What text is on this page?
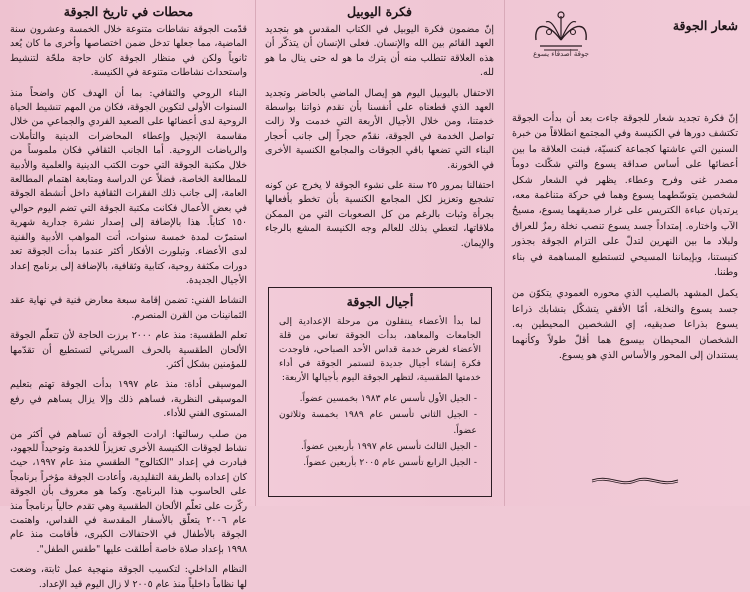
شعار الجوقة

إنّ فكرة تجديد شعار للجوقة جاءت بعد أن بدأت الجوقة تكتشف دورها في الكنيسة وفي المجتمع انطلاقاً من خبرة السنين التي عاشتها كجماعة كنسيّة، فبنت العلاقة ما بين أعضائها على أساس صداقة يسوع والتي شكّلت دوماً مصدر غنى وفرح وعطاء. يظهر في الشعار شكل لشخصين يتوسّطهما يسوع وهما في حركة متناغمة معه، يرتديان عباءة الكتريس على غرار صديقهما يسوع، مسيحُ الآب واختاره. إمتداداً جسد يسوع تنصب نخلة رمزٌ للعراق ولبلاد ما بين النهرين لتدلّ على التزام الجوقة بجذور كنيستنا، وبإيماننا المسيحي لتستطيع المساهمة في بناء وطننا.

يكمل المشهد بالصليب الذي محوره العمودي يتكوّن من جسد يسوع والنخلة، أمّا الأفقي يتشكّل بتشابك ذراعا يسوع بذراعا صديقيه، إي الشخصين المحيطين به. الشخصان المحيطان بيسوع هما أقلّ طولاً وكأنهما يستندان إلى المحور والأساس الذي هو يسوع.

جوقة أصدقاء يسوع
فكرة اليوبيل

إنّ مضمون فكرة اليوبيل في الكتاب المقدس هو بتجديد العهد القائم بين الله والإنسان. فعلى الإنسان أن يتذكّر أن هذه العلاقة تتطلب منه أن يترك ما هو له حتى ينال ما هو لله.

الاحتفال باليوبيل اليوم هو إيصال الماضي بالحاضر وتجديد العهد الذي قطعناه على أنفسنا بأن نقدم ذواتنا بواسطة خدمتنا، ومن خلال الأجيال الأربعة التي خدمت ولا زالت تواصل الخدمة في الجوقة، نقدّم حجراً إلى جانب أحجار البناء التي تضعها باقي الجوقات والمجامع الكنسية الأخرى في الخورنة.

احتفالنا بمرور ٢٥ سنة على نشوء الجوقة لا يخرج عن كونه تشجيع وتعزيز لكل المجامع الكنسية بأن تخطو بأفعالها بجرأة وثبات بالرغم من كل الصعوبات التي من الممكن ملاقاتها، لتعطي بذلك للعالم وجه الكنيسة المشع بالرجاء والإيمان.

أجيال الجوقة

لما بدأ الأعضاء ينتقلون من مرحلة الإعدادية إلى الجامعات والمعاهد، بدأت الجوقة تعاني من قلة الأعضاء لغرض خدمة قداس الأحد الصباحي، فاوجدت فكرة إنشاء أجيال جديدة لتستمر الجوقة في أداء خدمتها الطقسية، لتظهر الجوقة اليوم بأجيالها الأربعة:

- الجيل الأول تأسس عام ١٩٨٣ بخمسين عضواً.
- الجيل الثاني تأسس عام ١٩٨٩ بخمسة وثلاثون عضواً.
- الجيل الثالث تأسس عام ١٩٩٧ بأربعين عضواً.
- الجيل الرابع تأسس عام ٢٠٠٥ بأربعين عضواً.
محطات في تاريخ الجوقة

قدّمت الجوقة نشاطات متنوعة خلال الخمسة وعشرون سنة الماضية، مما جعلها تدخل ضمن اختصاصها وأخرى ما كان يُعد ثانوياً ولكن في منظار الجوقة كان حاجة ملحّة لتنشيط واستحداث نشاطات متنوعة في الكنيسة.

البناء الروحي والثقافي: بما أن الهدف كان واضحاً منذ السنوات الأولى لتكوين الجوقة، فكان من المهم تنشيط الحياة الروحية لدى أعضائها على الصعيد الفردي والجماعي من خلال مقاسمة الإنجيل وإعطاء المحاضرات الدينية والتأملات والرياضات الروحية. أما الجانب الثقافي فكان ملموساً من خلال مكتبة الجوقة التي حوت الكتب الدينية والعلمية والأدبية للمطالعة الخاصة، فضلاً عن الدراسة ومتابعة اهتمام المطالعة العامة، إلى جانب ذلك الفقرات الثقافية داخل أنشطة الجوقة في بعض الأعمال فكانت مكتبة الجوقة التي تضم اليوم حوالي ١٥٠ كتاباً. هذا بالإضافة إلى إصدار نشرة جدارية شهرية استمرّت لمدة خمسة سنوات، أتت المواهب الأدبية والفنية لدى الأعضاء. وتبلورت الأفكار أكثر عندما بدأت الجوقة تعد دورات مكثفة روحية، كتابية وثقافية، بالإضافة إلى برنامج إعداد الأجيال الجديدة.

النشاط الفني: تضمن إقامة سبعة معارض فنية في نهاية عقد الثمانينات من القرن المنصرم.

تعلم الطقسية: منذ عام ٢٠٠٠ برزت الحاجة لأن تتعلّم الجوقة الألحان الطقسية بالحرف السرياني لتستطيع أن تقدّمها للمؤمنين بشكل أكثر.

الموسيقى أداة: منذ عام ١٩٩٧ بدأت الجوقة تهتم بتعليم الموسيقى النظرية، فساهم ذلك وإلا يزال يساهم في رفع المستوى الفني للأداء.

من صلب رسالتها: ارادت الجوقة أن تساهم في أكثر من نشاط لجوقات الكنيسة الأخرى تعزيزاً للخدمة وتوحيداً للجهود، فبادرت في إعداد "الكتالوج" الطقسي منذ عام ١٩٩٧، حيث كان إعداده بالطريقة التقليدية، وأعادت الجوقة مؤخراً برنامجاً على الحاسوب هذا البرنامج. وكما هو معروف بأن الجوقة ركّزت على تعلّم الألحان الطقسية وهي تقدم حالياً برنامجاً منذ عام ٢٠٠٦ يتعلّق بالأسفار المقدسة في القداس، واهتمت الجوقة بالأطفال في الاحتفالات الكبرى، فأقامت منذ عام ١٩٩٨ بإعداد صلاة خاصة أطلقت عليها "طقس الطفل".

النظام الداخلي: لتكسيب الجوقة منهجية عمل ثابتة، وضعت لها نظاماً داخلياً منذ عام ٢٠٠٥ لا زال اليوم قيد الإعداد.
